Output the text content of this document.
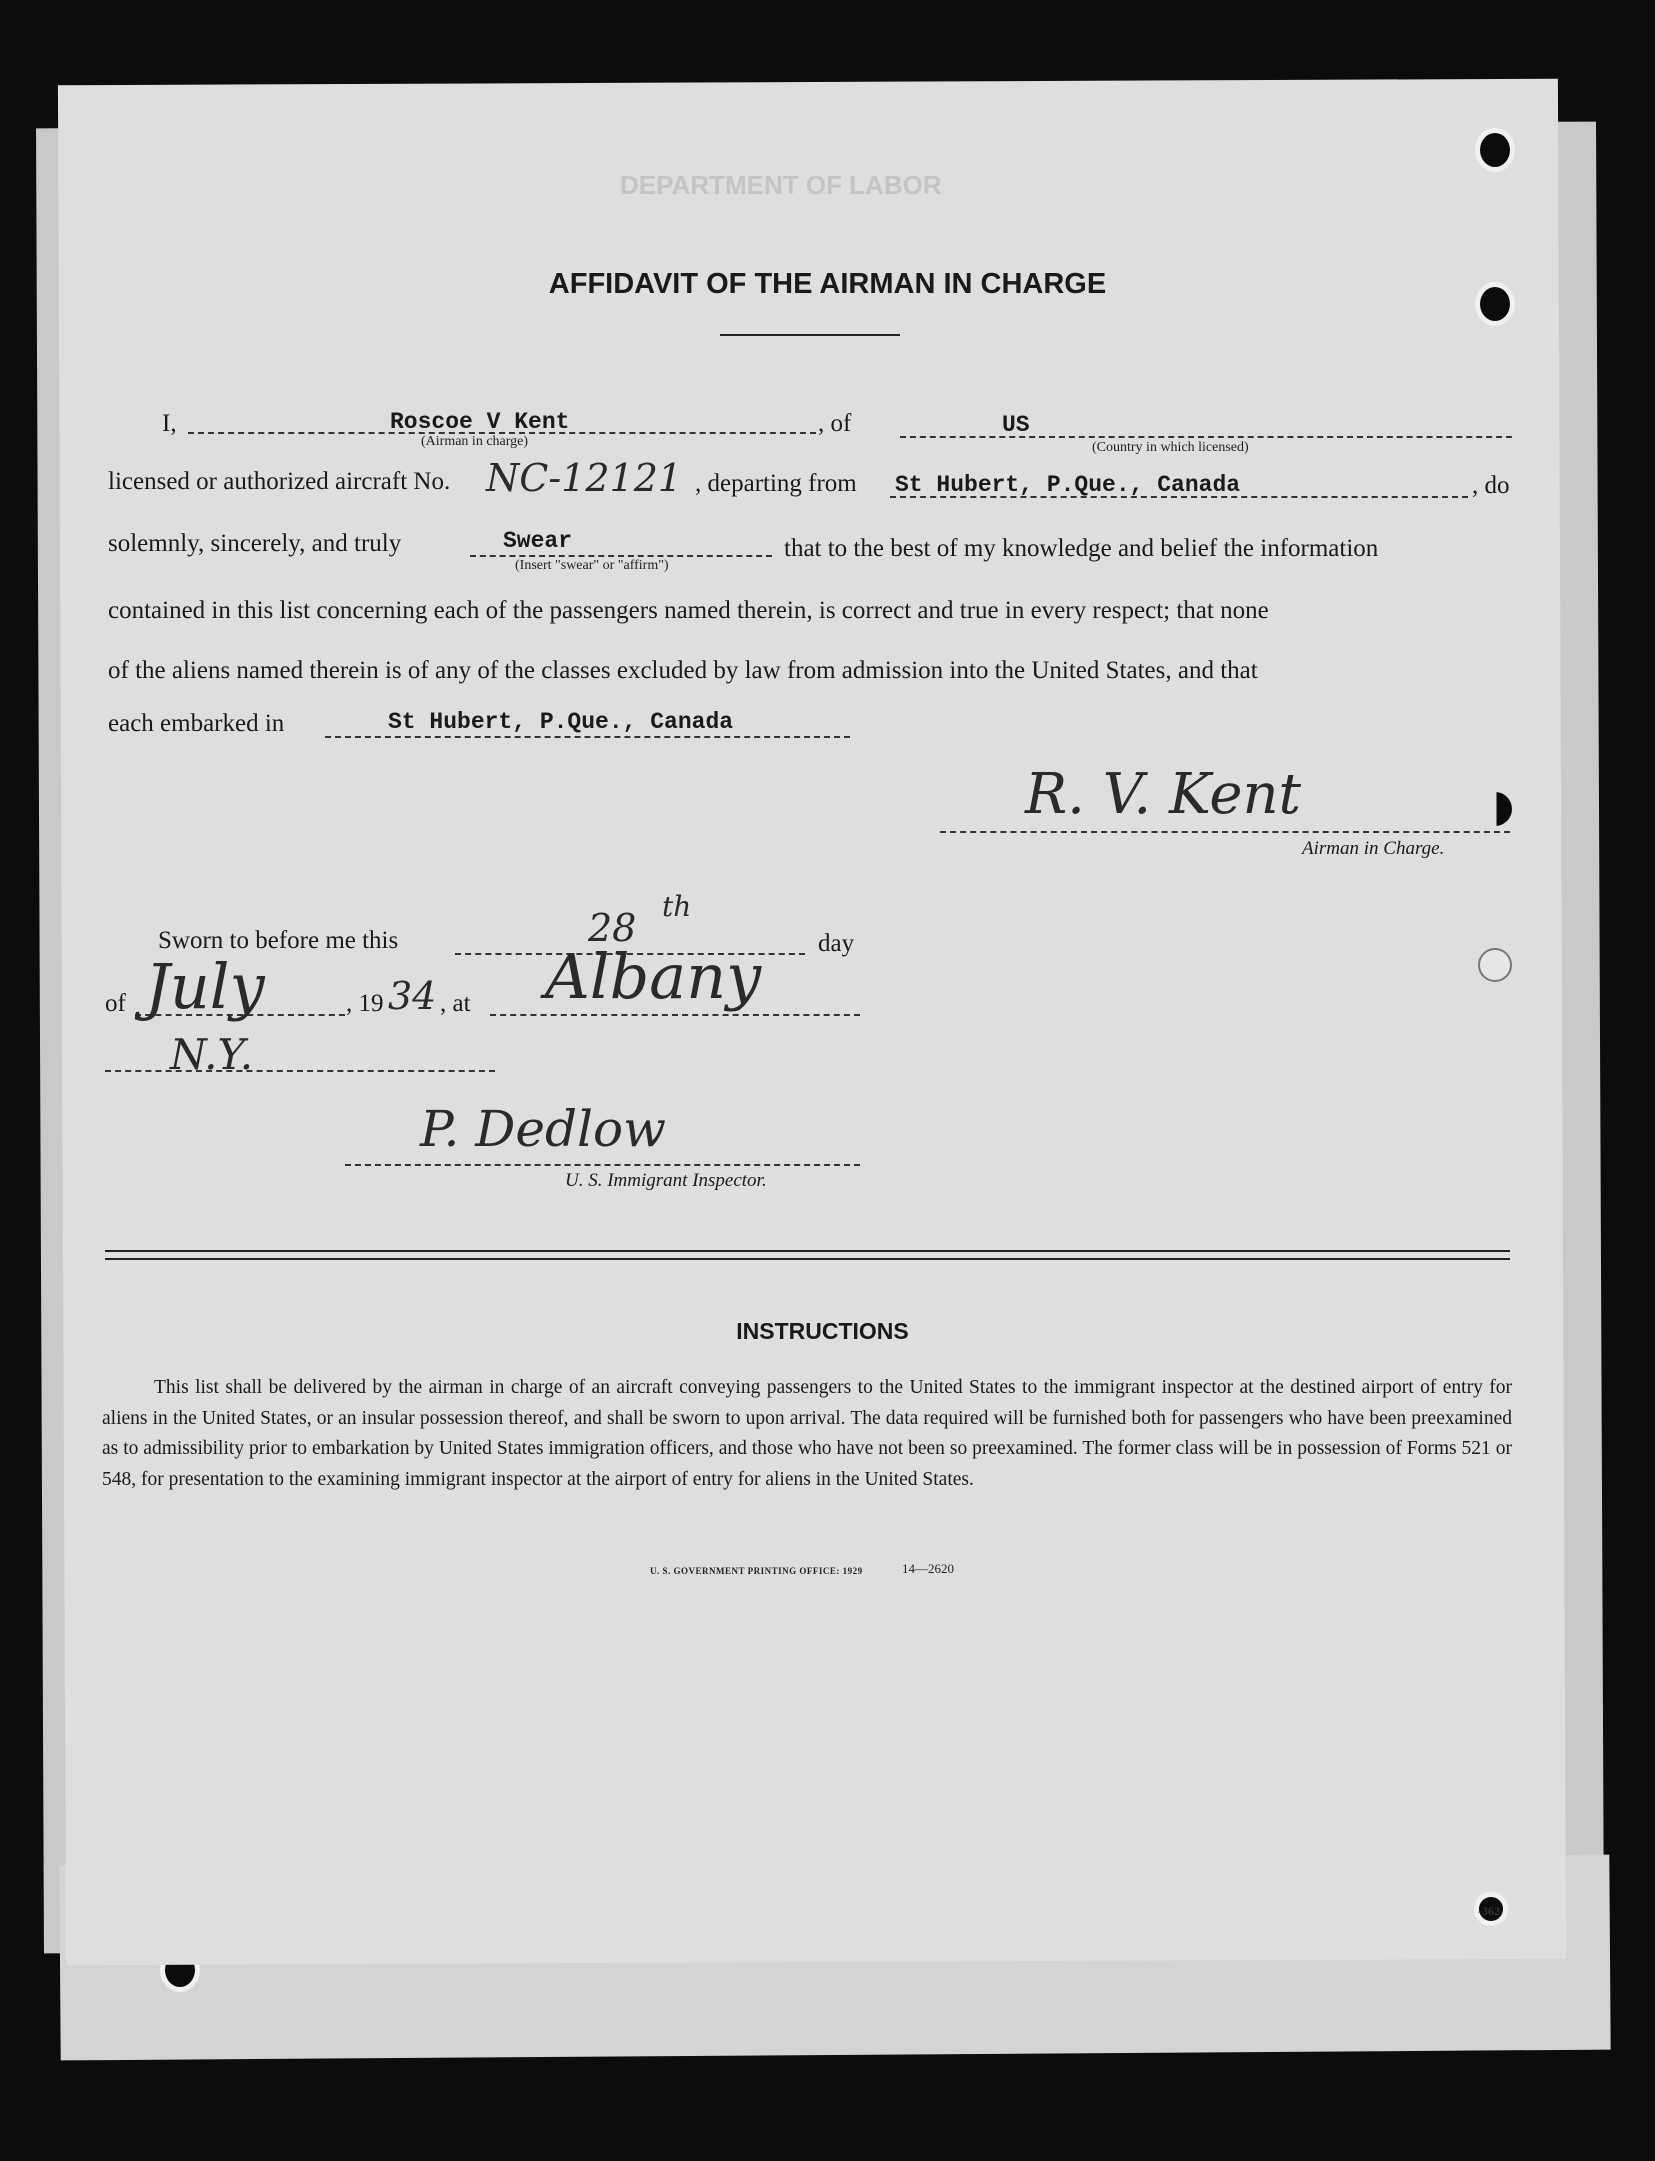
DEPARTMENT OF LABOR
AFFIDAVIT OF THE AIRMAN IN CHARGE
I,	Roscoe V Kent
(Airman in charge)
, of	US
(Country in which licensed)
licensed or authorized aircraft No. NC-12121 , departing from St Hubert, P.Que., Canada	, do
solemnly, sincerely, and truly	Swear
(Insert "swear" or "affirm")
that to the best of my knowledge and belief the information
contained in this list concerning each of the passengers named therein, is correct and true in every respect; that none
of the aliens named therein is of any of the classes excluded by law from admission into the United States, and that
each embarked in	St Hubert, P.Que., Canada
R. V. Kent
Airman in Charge.
Sworn to before me this	28 th
day
of July	, 19 34 , at Albany
N.Y.
P. Dedlow
U. S. Immigrant Inspector.
INSTRUCTIONS

This list shall be delivered by the airman in charge of an aircraft conveying passengers to the United States to the immigrant inspector at the destined airport of entry for aliens in the United States, or an insular possession thereof, and shall be sworn to upon arrival. The data required will be furnished both for passengers who have been preexamined as to admissibility prior to embarkation by United States immigration officers, and those who have not been so preexamined. The former class will be in possession of Forms 521 or 548, for presentation to the examining immigrant inspector at the airport of entry for aliens in the United States.

U. S. GOVERNMENT PRINTING OFFICE: 1929	14—2620
-362
